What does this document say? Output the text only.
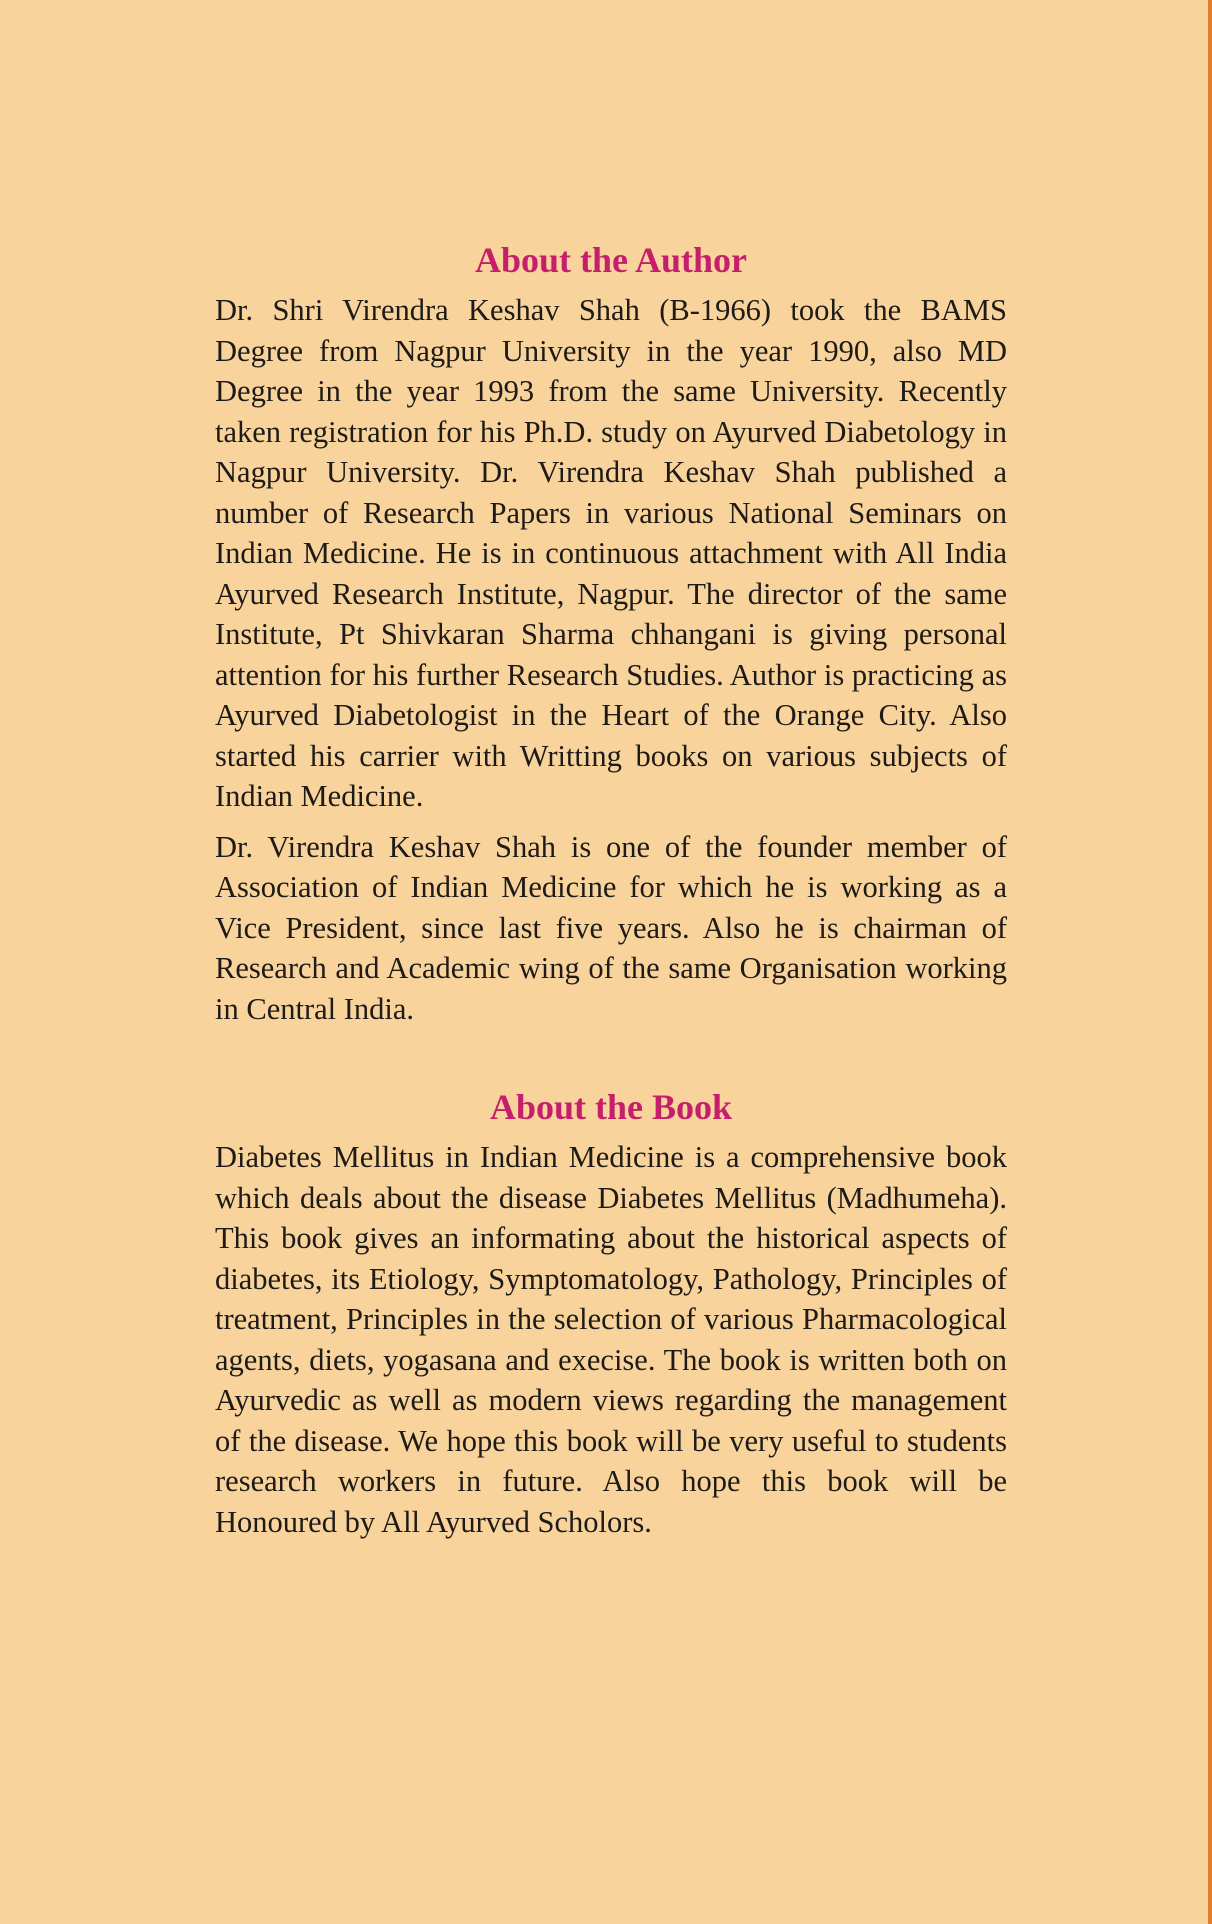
About the Author

Dr. Shri Virendra Keshav Shah (B-1966) took the BAMS Degree from Nagpur University in the year 1990, also MD Degree in the year 1993 from the same University. Recently taken registration for his Ph.D. study on Ayurved Diabetology in Nagpur University. Dr. Virendra Keshav Shah published a number of Research Papers in various National Seminars on Indian Medicine. He is in continuous attachment with All India Ayurved Research Institute, Nagpur. The director of the same Institute, Pt Shivkaran Sharma chhangani is giving personal attention for his further Research Studies. Author is practicing as Ayurved Diabetologist in the Heart of the Orange City. Also started his carrier with Writting books on various subjects of Indian Medicine.

Dr. Virendra Keshav Shah is one of the founder member of Association of Indian Medicine for which he is working as a Vice President, since last five years. Also he is chairman of Research and Academic wing of the same Organisation working in Central India.

About the Book

Diabetes Mellitus in Indian Medicine is a comprehensive book which deals about the disease Diabetes Mellitus (Madhumeha). This book gives an informating about the historical aspects of diabetes, its Etiology, Symptomatology, Pathology, Principles of treatment, Principles in the selection of various Pharmacological agents, diets, yogasana and execise. The book is written both on Ayurvedic as well as modern views regarding the management of the disease. We hope this book will be very useful to students research workers in future. Also hope this book will be Honoured by All Ayurved Scholors.
